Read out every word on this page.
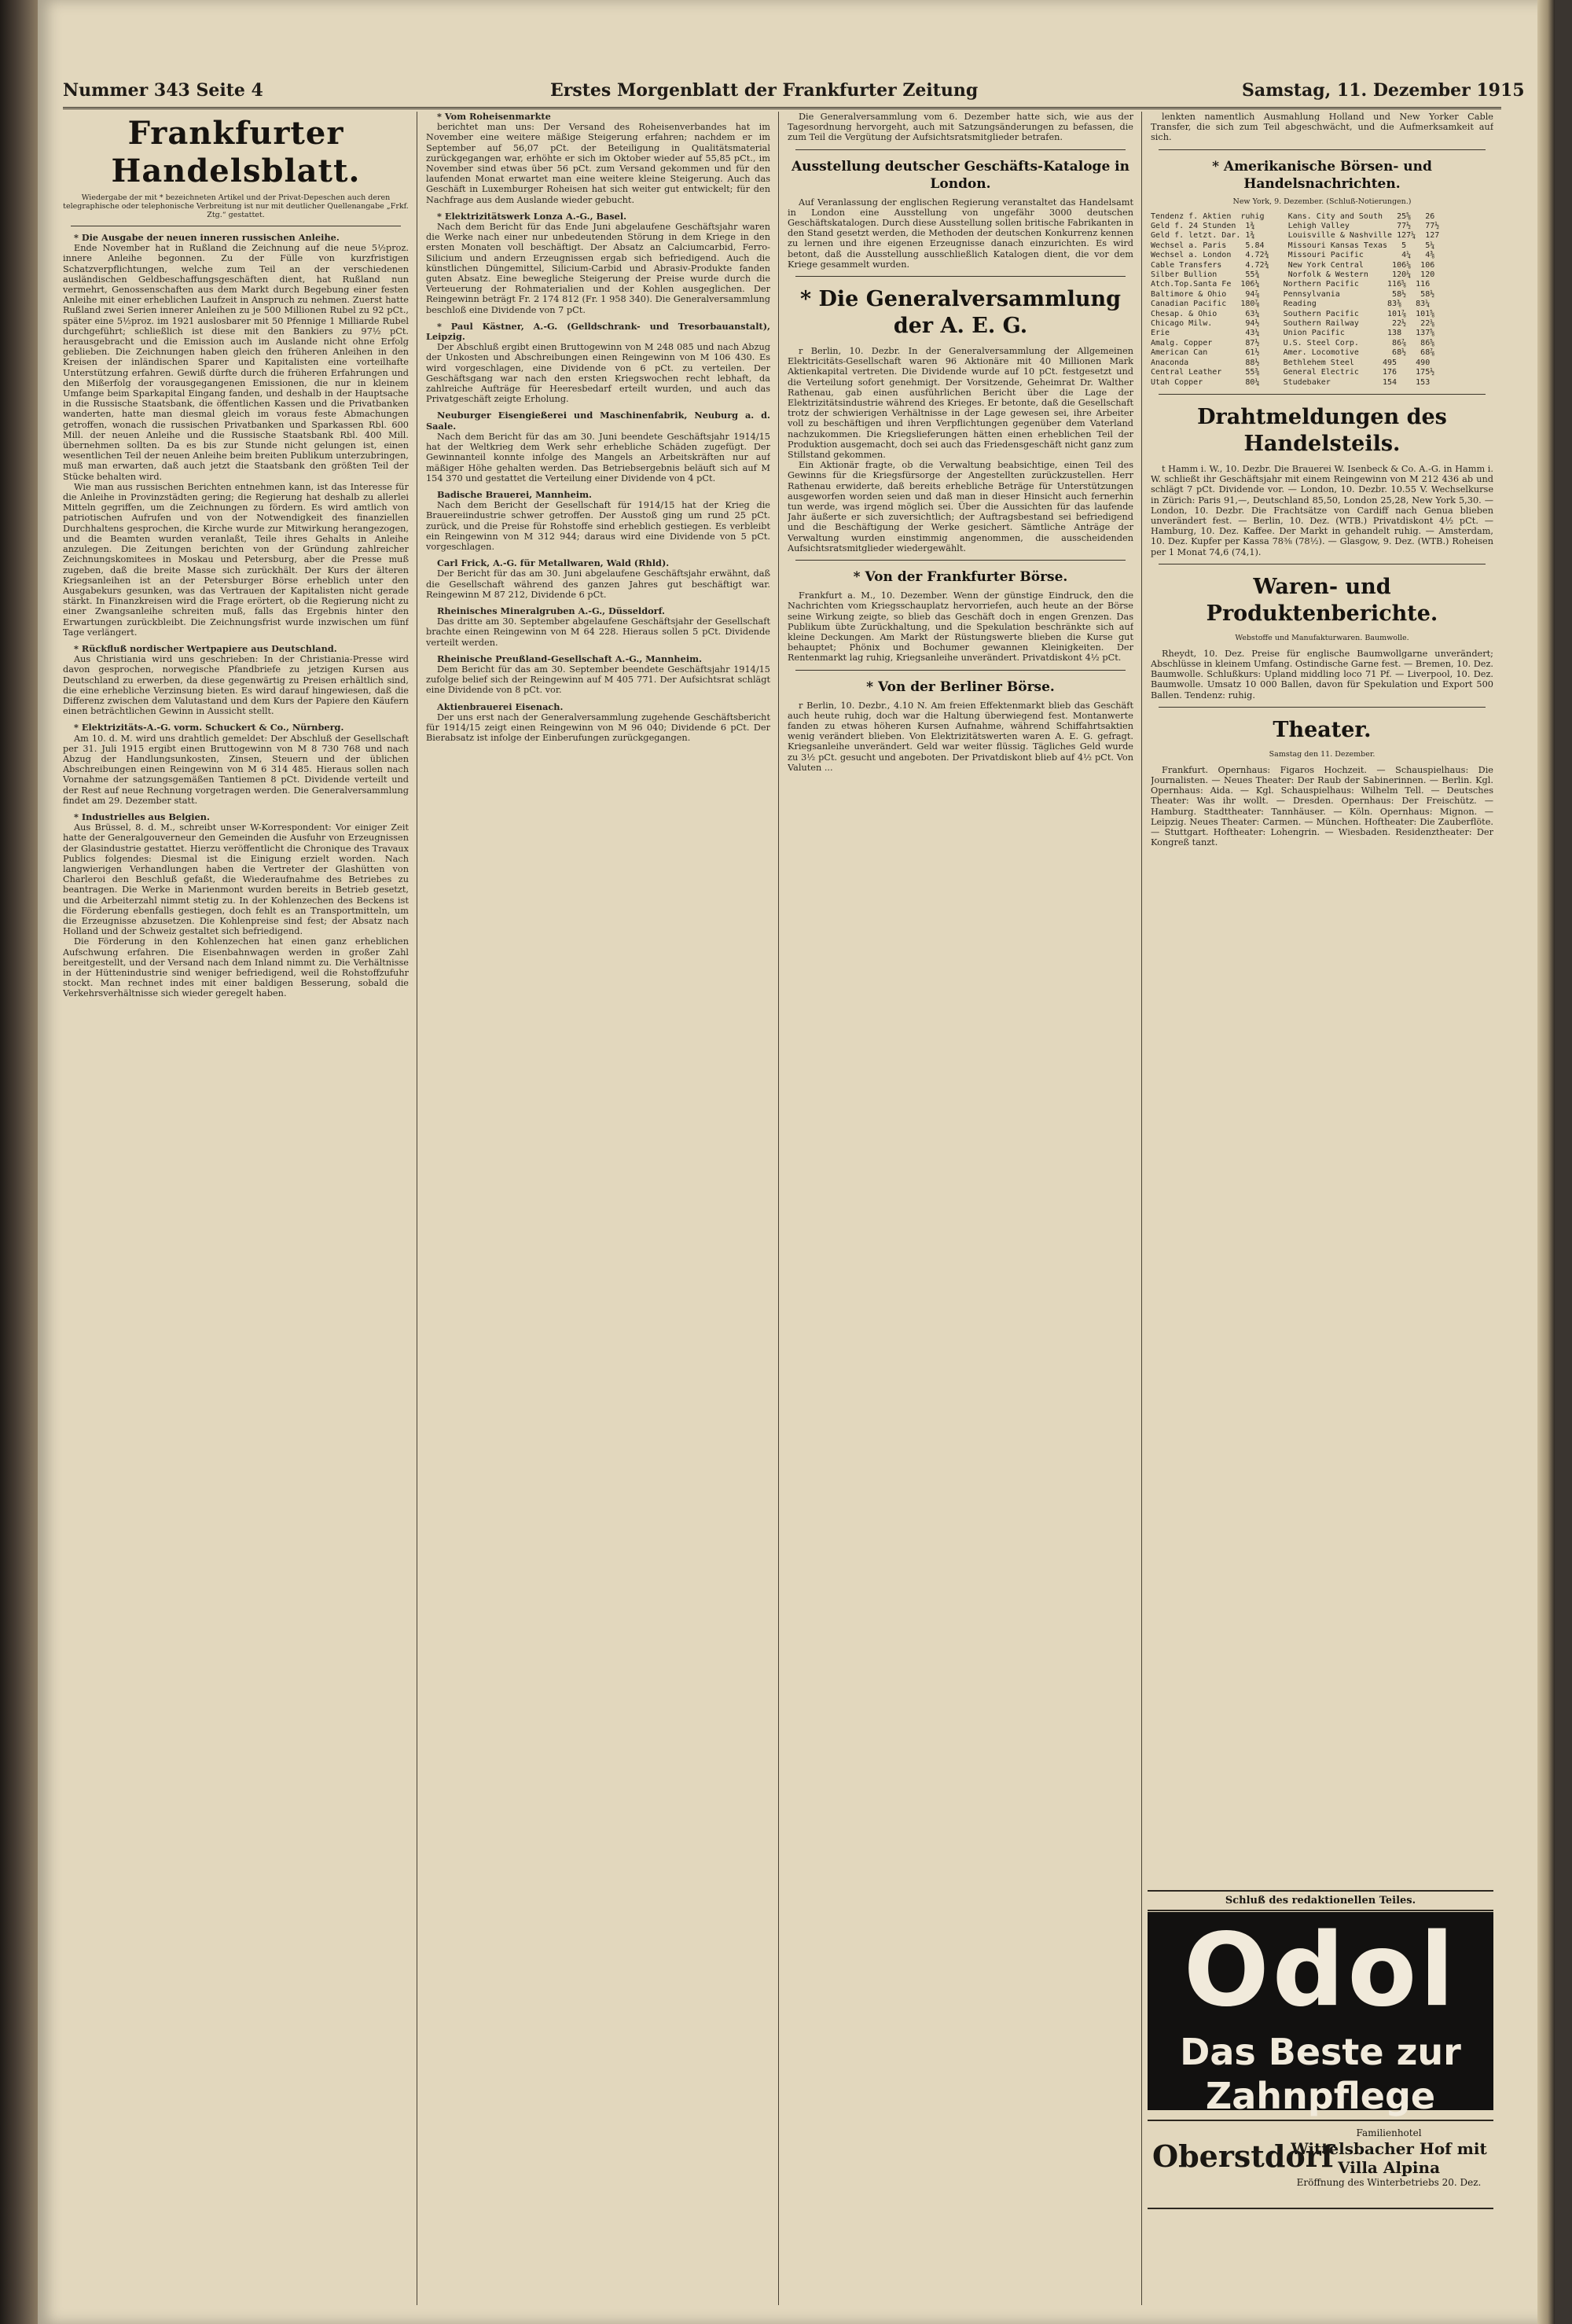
Nummer 343 Seite 4	Erstes Morgenblatt der Frankfurter Zeitung	Samstag, 11. Dezember 1915
Frankfurter Handelsblatt.
Wiedergabe der mit * bezeichneten Artikel und der Privat-Depeschen auch deren telegraphische oder telephonische Verbreitung ist nur mit deutlicher Quellenangabe „Frkf. Ztg.“ gestattet.

* Die Ausgabe der neuen inneren russischen Anleihe.

Ende November hat in Rußland die Zeichnung auf die neue 5½proz. innere Anleihe begonnen. Zu der Fülle von kurzfristigen Schatzverpflichtungen, welche zum Teil an der verschiedenen ausländischen Geldbeschaffungsgeschäften dient, hat Rußland nun vermehrt, Genossenschaften aus dem Markt durch Begebung einer festen Anleihe mit einer erheblichen Laufzeit in Anspruch zu nehmen. Zuerst hatte Rußland zwei Serien innerer Anleihen zu je 500 Millionen Rubel zu 92 pCt., später eine 5½proz. im 1921 auslosbarer mit 50 Pfennige 1 Milliarde Rubel durchgeführt; schließlich ist diese mit den Bankiers zu 97½ pCt. herausgebracht und die Emission auch im Auslande nicht ohne Erfolg geblieben. Die Zeichnungen haben gleich den früheren Anleihen in den Kreisen der inländischen Sparer und Kapitalisten eine vorteilhafte Unterstützung erfahren. Gewiß dürfte durch die früheren Erfahrungen und den Mißerfolg der vorausgegangenen Emissionen, die nur in kleinem Umfange beim Sparkapital Eingang fanden, und deshalb in der Hauptsache in die Russische Staatsbank, die öffentlichen Kassen und die Privatbanken wanderten, hatte man diesmal gleich im voraus feste Abmachungen getroffen, wonach die russischen Privatbanken und Sparkassen Rbl. 600 Mill. der neuen Anleihe und die Russische Staatsbank Rbl. 400 Mill. übernehmen sollten. Da es bis zur Stunde nicht gelungen ist, einen wesentlichen Teil der neuen Anleihe beim breiten Publikum unterzubringen, muß man erwarten, daß auch jetzt die Staatsbank den größten Teil der Stücke behalten wird.

Wie man aus russischen Berichten entnehmen kann, ist das Interesse für die Anleihe in Provinzstädten gering; die Regierung hat deshalb zu allerlei Mitteln gegriffen, um die Zeichnungen zu fördern. Es wird amtlich von patriotischen Aufrufen und von der Notwendigkeit des finanziellen Durchhaltens gesprochen, die Kirche wurde zur Mitwirkung herangezogen, und die Beamten wurden veranlaßt, Teile ihres Gehalts in Anleihe anzulegen. Die Zeitungen berichten von der Gründung zahlreicher Zeichnungskomitees in Moskau und Petersburg, aber die Presse muß zugeben, daß die breite Masse sich zurückhält. Der Kurs der älteren Kriegsanleihen ist an der Petersburger Börse erheblich unter den Ausgabekurs gesunken, was das Vertrauen der Kapitalisten nicht gerade stärkt. In Finanzkreisen wird die Frage erörtert, ob die Regierung nicht zu einer Zwangsanleihe schreiten muß, falls das Ergebnis hinter den Erwartungen zurückbleibt. Die Zeichnungsfrist wurde inzwischen um fünf Tage verlängert.

* Rückfluß nordischer Wertpapiere aus Deutschland.

Aus Christiania wird uns geschrieben: In der Christiania-Presse wird davon gesprochen, norwegische Pfandbriefe zu jetzigen Kursen aus Deutschland zu erwerben, da diese gegenwärtig zu Preisen erhältlich sind, die eine erhebliche Verzinsung bieten. Es wird darauf hingewiesen, daß die Differenz zwischen dem Valutastand und dem Kurs der Papiere den Käufern einen beträchtlichen Gewinn in Aussicht stellt.

* Elektrizitäts-A.-G. vorm. Schuckert & Co., Nürnberg.

Am 10. d. M. wird uns drahtlich gemeldet: Der Abschluß der Gesellschaft per 31. Juli 1915 ergibt einen Bruttogewinn von M 8 730 768 und nach Abzug der Handlungsunkosten, Zinsen, Steuern und der üblichen Abschreibungen einen Reingewinn von M 6 314 485. Hieraus sollen nach Vornahme der satzungsgemäßen Tantiemen 8 pCt. Dividende verteilt und der Rest auf neue Rechnung vorgetragen werden. Die Generalversammlung findet am 29. Dezember statt.

* Industrielles aus Belgien.

Aus Brüssel, 8. d. M., schreibt unser W-Korrespondent: Vor einiger Zeit hatte der Generalgouverneur den Gemeinden die Ausfuhr von Erzeugnissen der Glasindustrie gestattet. Hierzu veröffentlicht die Chronique des Travaux Publics folgendes: Diesmal ist die Einigung erzielt worden. Nach langwierigen Verhandlungen haben die Vertreter der Glashütten von Charleroi den Beschluß gefaßt, die Wiederaufnahme des Betriebes zu beantragen. Die Werke in Marienmont wurden bereits in Betrieb gesetzt, und die Arbeiterzahl nimmt stetig zu. In der Kohlenzechen des Beckens ist die Förderung ebenfalls gestiegen, doch fehlt es an Transportmitteln, um die Erzeugnisse abzusetzen. Die Kohlenpreise sind fest; der Absatz nach Holland und der Schweiz gestaltet sich befriedigend.

Die Förderung in den Kohlenzechen hat einen ganz erheblichen Aufschwung erfahren. Die Eisenbahnwagen werden in großer Zahl bereitgestellt, und der Versand nach dem Inland nimmt zu. Die Verhältnisse in der Hüttenindustrie sind weniger befriedigend, weil die Rohstoffzufuhr stockt. Man rechnet indes mit einer baldigen Besserung, sobald die Verkehrsverhältnisse sich wieder geregelt haben.

* Vom Roheisenmarkte

berichtet man uns: Der Versand des Roheisenverbandes hat im November eine weitere mäßige Steigerung erfahren; nachdem er im September auf 56,07 pCt. der Beteiligung in Qualitätsmaterial zurückgegangen war, erhöhte er sich im Oktober wieder auf 55,85 pCt., im November sind etwas über 56 pCt. zum Versand gekommen und für den laufenden Monat erwartet man eine weitere kleine Steigerung. Auch das Geschäft in Luxemburger Roheisen hat sich weiter gut entwickelt; für den Nachfrage aus dem Auslande wieder gebucht.

* Elektrizitätswerk Lonza A.-G., Basel.

Nach dem Bericht für das Ende Juni abgelaufene Geschäftsjahr waren die Werke nach einer nur unbedeutenden Störung in dem Kriege in den ersten Monaten voll beschäftigt. Der Absatz an Calciumcarbid, Ferro-Silicium und andern Erzeugnissen ergab sich befriedigend. Auch die künstlichen Düngemittel, Silicium-Carbid und Abrasiv-Produkte fanden guten Absatz. Eine bewegliche Steigerung der Preise wurde durch die Verteuerung der Rohmaterialien und der Kohlen ausgeglichen. Der Reingewinn beträgt Fr. 2 174 812 (Fr. 1 958 340). Die Generalversammlung beschloß eine Dividende von 7 pCt.

* Paul Kästner, A.-G. (Gelldschrank- und Tresorbauanstalt), Leipzig.

Der Abschluß ergibt einen Bruttogewinn von M 248 085 und nach Abzug der Unkosten und Abschreibungen einen Reingewinn von M 106 430. Es wird vorgeschlagen, eine Dividende von 6 pCt. zu verteilen. Der Geschäftsgang war nach den ersten Kriegswochen recht lebhaft, da zahlreiche Aufträge für Heeresbedarf erteilt wurden, und auch das Privatgeschäft zeigte Erholung.

Neuburger Eisengießerei und Maschinenfabrik, Neuburg a. d. Saale.

Nach dem Bericht für das am 30. Juni beendete Geschäftsjahr 1914/15 hat der Weltkrieg dem Werk sehr erhebliche Schäden zugefügt. Der Gewinnanteil konnte infolge des Mangels an Arbeitskräften nur auf mäßiger Höhe gehalten werden. Das Betriebsergebnis beläuft sich auf M 154 370 und gestattet die Verteilung einer Dividende von 4 pCt.

Badische Brauerei, Mannheim.

Nach dem Bericht der Gesellschaft für 1914/15 hat der Krieg die Brauereiindustrie schwer getroffen. Der Ausstoß ging um rund 25 pCt. zurück, und die Preise für Rohstoffe sind erheblich gestiegen. Es verbleibt ein Reingewinn von M 312 944; daraus wird eine Dividende von 5 pCt. vorgeschlagen.

Carl Frick, A.-G. für Metallwaren, Wald (Rhld).

Der Bericht für das am 30. Juni abgelaufene Geschäftsjahr erwähnt, daß die Gesellschaft während des ganzen Jahres gut beschäftigt war. Reingewinn M 87 212, Dividende 6 pCt.

Rheinisches Mineralgruben A.-G., Düsseldorf.

Das dritte am 30. September abgelaufene Geschäftsjahr der Gesellschaft brachte einen Reingewinn von M 64 228. Hieraus sollen 5 pCt. Dividende verteilt werden.

Rheinische Preußland-Gesellschaft A.-G., Mannheim.

Dem Bericht für das am 30. September beendete Geschäftsjahr 1914/15 zufolge belief sich der Reingewinn auf M 405 771. Der Aufsichtsrat schlägt eine Dividende von 8 pCt. vor.

Aktienbrauerei Eisenach.

Der uns erst nach der Generalversammlung zugehende Geschäftsbericht für 1914/15 zeigt einen Reingewinn von M 96 040; Dividende 6 pCt. Der Bierabsatz ist infolge der Einberufungen zurückgegangen.

Die Generalversammlung vom 6. Dezember hatte sich, wie aus der Tagesordnung hervorgeht, auch mit Satzungsänderungen zu befassen, die zum Teil die Vergütung der Aufsichtsratsmitglieder betrafen.

Ausstellung deutscher Geschäfts-Kataloge in London.

Auf Veranlassung der englischen Regierung veranstaltet das Handelsamt in London eine Ausstellung von ungefähr 3000 deutschen Geschäftskatalogen. Durch diese Ausstellung sollen britische Fabrikanten in den Stand gesetzt werden, die Methoden der deutschen Konkurrenz kennen zu lernen und ihre eigenen Erzeugnisse danach einzurichten. Es wird betont, daß die Ausstellung ausschließlich Katalogen dient, die vor dem Kriege gesammelt wurden.

* Die Generalversammlung der A. E. G.

r Berlin, 10. Dezbr. In der Generalversammlung der Allgemeinen Elektricitäts-Gesellschaft waren 96 Aktionäre mit 40 Millionen Mark Aktienkapital vertreten. Die Dividende wurde auf 10 pCt. festgesetzt und die Verteilung sofort genehmigt. Der Vorsitzende, Geheimrat Dr. Walther Rathenau, gab einen ausführlichen Bericht über die Lage der Elektrizitätsindustrie während des Krieges. Er betonte, daß die Gesellschaft trotz der schwierigen Verhältnisse in der Lage gewesen sei, ihre Arbeiter voll zu beschäftigen und ihren Verpflichtungen gegenüber dem Vaterland nachzukommen. Die Kriegslieferungen hätten einen erheblichen Teil der Produktion ausgemacht, doch sei auch das Friedensgeschäft nicht ganz zum Stillstand gekommen.

Ein Aktionär fragte, ob die Verwaltung beabsichtige, einen Teil des Gewinns für die Kriegsfürsorge der Angestellten zurückzustellen. Herr Rathenau erwiderte, daß bereits erhebliche Beträge für Unterstützungen ausgeworfen worden seien und daß man in dieser Hinsicht auch fernerhin tun werde, was irgend möglich sei. Über die Aussichten für das laufende Jahr äußerte er sich zuversichtlich; der Auftragsbestand sei befriedigend und die Beschäftigung der Werke gesichert. Sämtliche Anträge der Verwaltung wurden einstimmig angenommen, die ausscheidenden Aufsichtsratsmitglieder wiedergewählt.

* Von der Frankfurter Börse.

Frankfurt a. M., 10. Dezember. Wenn der günstige Eindruck, den die Nachrichten vom Kriegsschauplatz hervorriefen, auch heute an der Börse seine Wirkung zeigte, so blieb das Geschäft doch in engen Grenzen. Das Publikum übte Zurückhaltung, und die Spekulation beschränkte sich auf kleine Deckungen. Am Markt der Rüstungswerte blieben die Kurse gut behauptet; Phönix und Bochumer gewannen Kleinigkeiten. Der Rentenmarkt lag ruhig, Kriegsanleihe unverändert. Privatdiskont 4½ pCt.

* Von der Berliner Börse.

r Berlin, 10. Dezbr., 4.10 N. Am freien Effektenmarkt blieb das Geschäft auch heute ruhig, doch war die Haltung überwiegend fest. Montanwerte fanden zu etwas höheren Kursen Aufnahme, während Schiffahrtsaktien wenig verändert blieben. Von Elektrizitätswerten waren A. E. G. gefragt. Kriegsanleihe unverändert. Geld war weiter flüssig. Tägliches Geld wurde zu 3½ pCt. gesucht und angeboten. Der Privatdiskont blieb auf 4½ pCt. Von Valuten ...

lenkten namentlich Ausmahlung Holland und New Yorker Cable Transfer, die sich zum Teil abgeschwächt, und die Aufmerksamkeit auf sich.

* Amerikanische Börsen- und Handelsnachrichten.
New York, 9. Dezember. (Schluß-Notierungen.)
Tendenz f. Aktien  ruhig     Kans. City and South   25⅝   26
Geld f. 24 Stunden  1¾       Lehigh Valley          77½   77½
Geld f. letzt. Dar. 1¾       Louisville & Nashville 127¼  127
Wechsel a. Paris    5.84     Missouri Kansas Texas   5    5¼
Wechsel a. London   4.72¾    Missouri Pacific        4¼   4⅜
Cable Transfers     4.72¾    New York Central      106⅛  106
Silber Bullion      55¾      Norfolk & Western     120¼  120
Atch.Top.Santa Fe  106¼     Northern Pacific      116⅝  116
Baltimore & Ohio    94⅞     Pennsylvania           58½   58½
Canadian Pacific   180⅞     Reading               83⅜   83¼
Chesap. & Ohio      63¼     Southern Pacific      101⅞  101⅝
Chicago Milw.       94½     Southern Railway       22½   22⅛
Erie                43¼     Union Pacific         138   137⅝
Amalg. Copper       87½     U.S. Steel Corp.       86⅞   86⅝
American Can        61½     Amer. Locomotive       68½   68⅞
Anaconda            88½     Bethlehem Steel      495    490
Central Leather     55⅜     General Electric     176    175½
Utah Copper         80¼     Studebaker           154    153
Drahtmeldungen des Handelsteils.

t Hamm i. W., 10. Dezbr. Die Brauerei W. Isenbeck & Co. A.-G. in Hamm i. W. schließt ihr Geschäftsjahr mit einem Reingewinn von M 212 436 ab und schlägt 7 pCt. Dividende vor. — London, 10. Dezbr. 10.55 V. Wechselkurse in Zürich: Paris 91,—, Deutschland 85,50, London 25,28, New York 5,30. — London, 10. Dezbr. Die Frachtsätze von Cardiff nach Genua blieben unverändert fest. — Berlin, 10. Dez. (WTB.) Privatdiskont 4½ pCt. — Hamburg, 10. Dez. Kaffee. Der Markt in gehandelt ruhig. — Amsterdam, 10. Dez. Kupfer per Kassa 78⅜ (78½). — Glasgow, 9. Dez. (WTB.) Roheisen per 1 Monat 74,6 (74,1).

Waren- und Produktenberichte.
Webstoffe und Manufakturwaren. Baumwolle.

Rheydt, 10. Dez. Preise für englische Baumwollgarne unverändert; Abschlüsse in kleinem Umfang. Ostindische Garne fest. — Bremen, 10. Dez. Baumwolle. Schlußkurs: Upland middling loco 71 Pf. — Liverpool, 10. Dez. Baumwolle. Umsatz 10 000 Ballen, davon für Spekulation und Export 500 Ballen. Tendenz: ruhig.

Theater.
Samstag den 11. Dezember.

Frankfurt. Opernhaus: Figaros Hochzeit. — Schauspielhaus: Die Journalisten. — Neues Theater: Der Raub der Sabinerinnen. — Berlin. Kgl. Opernhaus: Aida. — Kgl. Schauspielhaus: Wilhelm Tell. — Deutsches Theater: Was ihr wollt. — Dresden. Opernhaus: Der Freischütz. — Hamburg. Stadttheater: Tannhäuser. — Köln. Opernhaus: Mignon. — Leipzig. Neues Theater: Carmen. — München. Hoftheater: Die Zauberflöte. — Stuttgart. Hoftheater: Lohengrin. — Wiesbaden. Residenztheater: Der Kongreß tanzt.

Schluß des redaktionellen Teiles.
Odol
Das Beste zur Zahnpflege
Oberstdorf
Familienhotel
Wittelsbacher Hof mit Villa Alpina
Eröffnung des Winterbetriebs 20. Dez.
